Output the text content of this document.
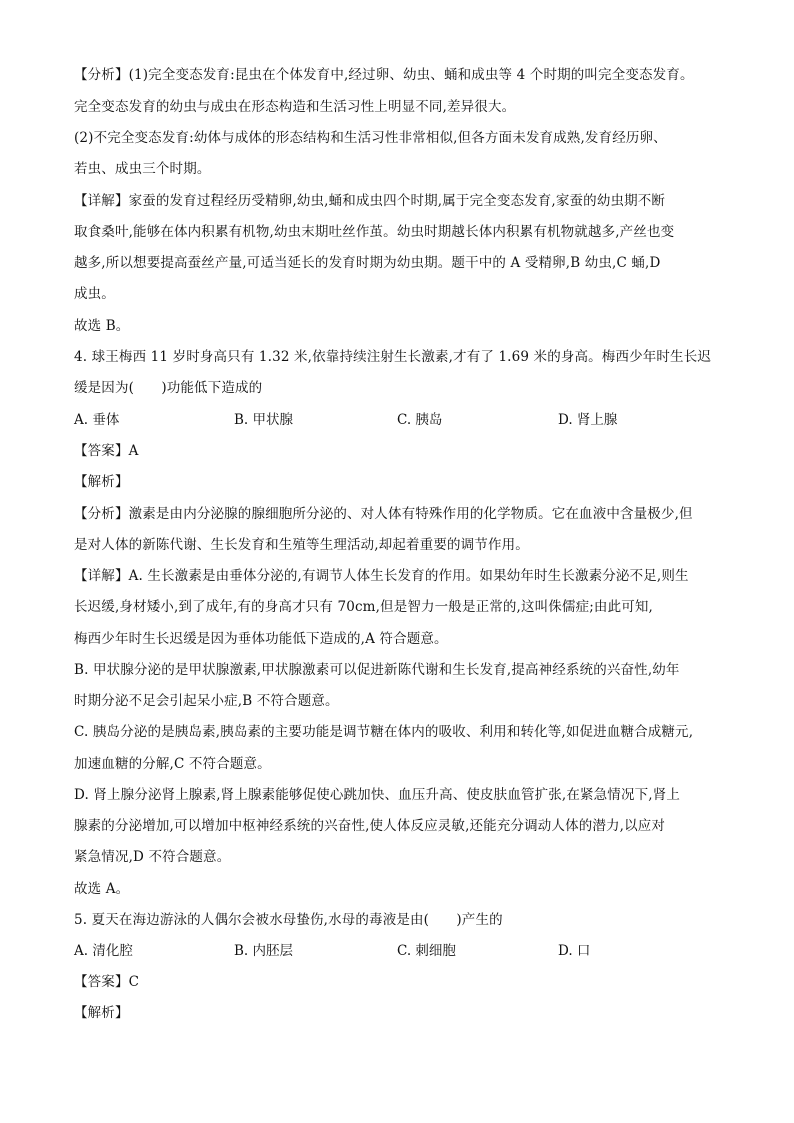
【分析】(1)完全变态发育:昆虫在个体发育中,经过卵、幼虫、蛹和成虫等 4 个时期的叫完全变态发育。
完全变态发育的幼虫与成虫在形态构造和生活习性上明显不同,差异很大。
(2)不完全变态发育:幼体与成体的形态结构和生活习性非常相似,但各方面未发育成熟,发育经历卵、
若虫、成虫三个时期。
【详解】家蚕的发育过程经历受精卵,幼虫,蛹和成虫四个时期,属于完全变态发育,家蚕的幼虫期不断
取食桑叶,能够在体内积累有机物,幼虫末期吐丝作茧。幼虫时期越长体内积累有机物就越多,产丝也变
越多,所以想要提高蚕丝产量,可适当延长的发育时期为幼虫期。题干中的 A 受精卵,B 幼虫,C 蛹,D
成虫。
故选 B。
4. 球王梅西 11 岁时身高只有 1.32 米,依靠持续注射生长激素,才有了 1.69 米的身高。梅西少年时生长迟
缓是因为(　　)功能低下造成的
A. 垂体	B. 甲状腺	C. 胰岛	D. 肾上腺
【答案】A
【解析】
【分析】激素是由内分泌腺的腺细胞所分泌的、对人体有特殊作用的化学物质。它在血液中含量极少,但
是对人体的新陈代谢、生长发育和生殖等生理活动,却起着重要的调节作用。
【详解】A. 生长激素是由垂体分泌的,有调节人体生长发育的作用。如果幼年时生长激素分泌不足,则生
长迟缓,身材矮小,到了成年,有的身高才只有 70cm,但是智力一般是正常的,这叫侏儒症;由此可知,
梅西少年时生长迟缓是因为垂体功能低下造成的,A 符合题意。
B. 甲状腺分泌的是甲状腺激素,甲状腺激素可以促进新陈代谢和生长发育,提高神经系统的兴奋性,幼年
时期分泌不足会引起呆小症,B 不符合题意。
C. 胰岛分泌的是胰岛素,胰岛素的主要功能是调节糖在体内的吸收、利用和转化等,如促进血糖合成糖元,
加速血糖的分解,C 不符合题意。
D. 肾上腺分泌肾上腺素,肾上腺素能够促使心跳加快、血压升高、使皮肤血管扩张,在紧急情况下,肾上
腺素的分泌增加,可以增加中枢神经系统的兴奋性,使人体反应灵敏,还能充分调动人体的潜力,以应对
紧急情况,D 不符合题意。
故选 A。
5. 夏天在海边游泳的人偶尔会被水母蛰伤,水母的毒液是由(　　)产生的
A. 清化腔	B. 内胚层	C. 刺细胞	D. 口
【答案】C
【解析】
